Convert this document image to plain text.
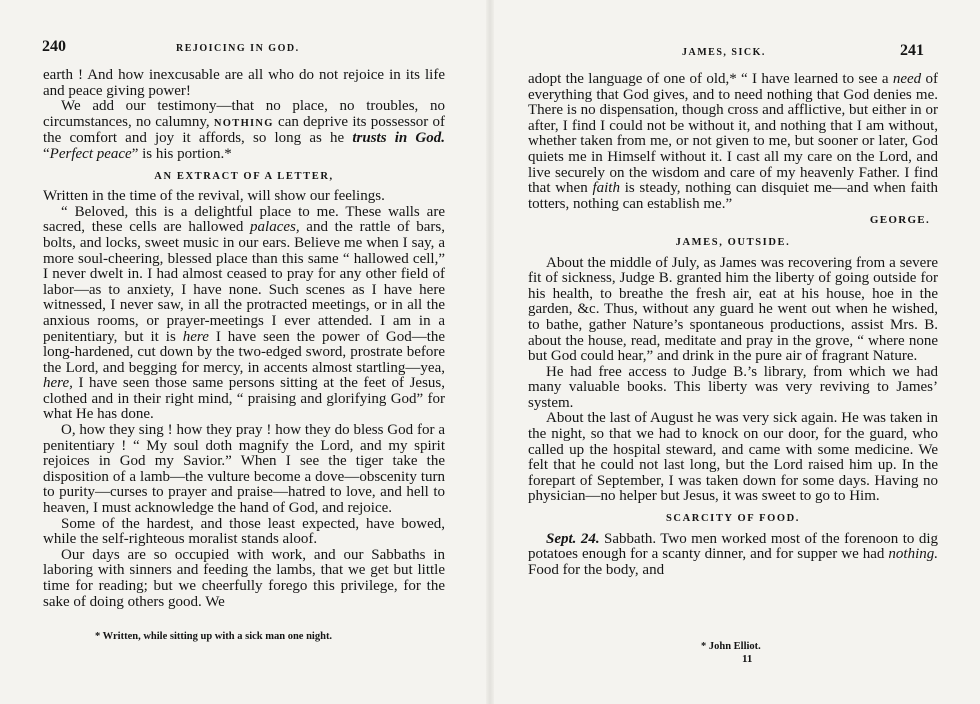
240	REJOICING IN GOD.

earth ! And how inexcusable are all who do not rejoice in its life and peace giving power!

We add our testimony—that no place, no troubles, no circumstances, no calumny, NOTHING can deprive its possessor of the comfort and joy it affords, so long as he trusts in God. “Perfect peace” is his portion.*

AN EXTRACT OF A LETTER,

Written in the time of the revival, will show our feelings.

“ Beloved, this is a delightful place to me. These walls are sacred, these cells are hallowed palaces, and the rattle of bars, bolts, and locks, sweet music in our ears. Believe me when I say, a more soul-cheering, blessed place than this same “ hallowed cell,” I never dwelt in. I had almost ceased to pray for any other field of labor—as to anxiety, I have none. Such scenes as I have here witnessed, I never saw, in all the protracted meetings, or in all the anxious rooms, or prayer-meetings I ever attended. I am in a penitentiary, but it is here I have seen the power of God—the long-hardened, cut down by the two-edged sword, prostrate before the Lord, and begging for mercy, in accents almost startling—yea, here, I have seen those same persons sitting at the feet of Jesus, clothed and in their right mind, “ praising and glorifying God” for what He has done.

O, how they sing ! how they pray ! how they do bless God for a penitentiary ! “ My soul doth magnify the Lord, and my spirit rejoices in God my Savior.” When I see the tiger take the disposition of a lamb—the vulture become a dove—obscenity turn to purity—curses to prayer and praise—hatred to love, and hell to heaven, I must acknowledge the hand of God, and rejoice.

Some of the hardest, and those least expected, have bowed, while the self-righteous moralist stands aloof.

Our days are so occupied with work, and our Sabbaths in laboring with sinners and feeding the lambs, that we get but little time for reading; but we cheerfully forego this privilege, for the sake of doing others good. We

* Written, while sitting up with a sick man one night.
JAMES, SICK.	241

adopt the language of one of old,* “ I have learned to see a need of everything that God gives, and to need nothing that God denies me. There is no dispensation, though cross and afflictive, but either in or after, I find I could not be without it, and nothing that I am without, whether taken from me, or not given to me, but sooner or later, God quiets me in Himself without it. I cast all my care on the Lord, and live securely on the wisdom and care of my heavenly Father. I find that when faith is steady, nothing can disquiet me—and when faith totters, nothing can establish me.”

GEORGE.
JAMES, OUTSIDE.

About the middle of July, as James was recovering from a severe fit of sickness, Judge B. granted him the liberty of going outside for his health, to breathe the fresh air, eat at his house, hoe in the garden, &c. Thus, without any guard he went out when he wished, to bathe, gather Nature’s spontaneous productions, assist Mrs. B. about the house, read, meditate and pray in the grove, “ where none but God could hear,” and drink in the pure air of fragrant Nature.

He had free access to Judge B.’s library, from which we had many valuable books. This liberty was very reviving to James’ system.

About the last of August he was very sick again. He was taken in the night, so that we had to knock on our door, for the guard, who called up the hospital steward, and came with some medicine. We felt that he could not last long, but the Lord raised him up. In the forepart of September, I was taken down for some days. Having no physician—no helper but Jesus, it was sweet to go to Him.

SCARCITY OF FOOD.

Sept. 24. Sabbath. Two men worked most of the forenoon to dig potatoes enough for a scanty dinner, and for supper we had nothing. Food for the body, and

* John Elliot.
11
